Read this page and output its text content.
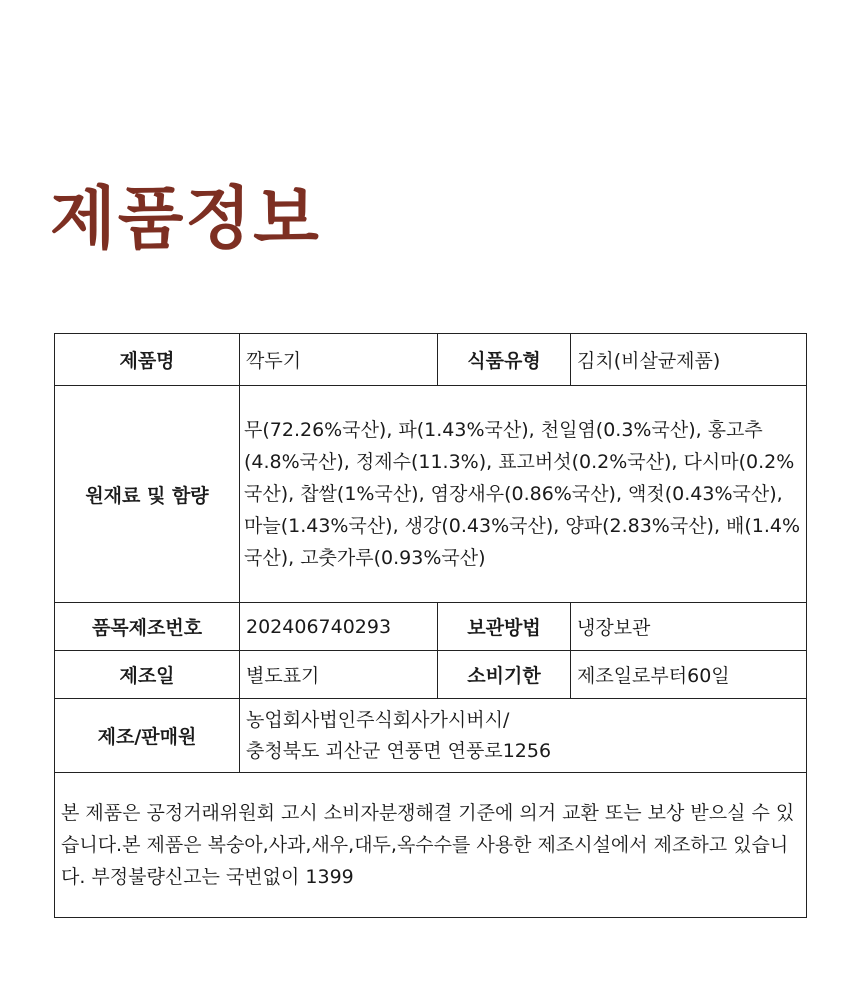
제품정보
제품명	깍두기	식품유형	김치(비살균제품)
원재료 및 함량	무(72.26%국산), 파(1.43%국산), 천일염(0.3%국산), 홍고추(4.8%국산), 정제수(11.3%), 표고버섯(0.2%국산), 다시마(0.2%국산), 찹쌀(1%국산), 염장새우(0.86%국산), 액젓(0.43%국산), 마늘(1.43%국산), 생강(0.43%국산), 양파(2.83%국산), 배(1.4%국산), 고춧가루(0.93%국산)		
품목제조번호	202406740293	보관방법	냉장보관
제조일	별도표기	소비기한	제조일로부터60일
제조/판매원	농업회사법인주식회사가시버시/
충청북도 괴산군 연풍면 연풍로1256		

본 제품은 공정거래위원회 고시 소비자분쟁해결 기준에 의거 교환 또는 보상 받으실 수 있습니다.본 제품은 복숭아,사과,새우,대두,옥수수를 사용한 제조시설에서 제조하고 있습니다. 부정불량신고는 국번없이 1399			
